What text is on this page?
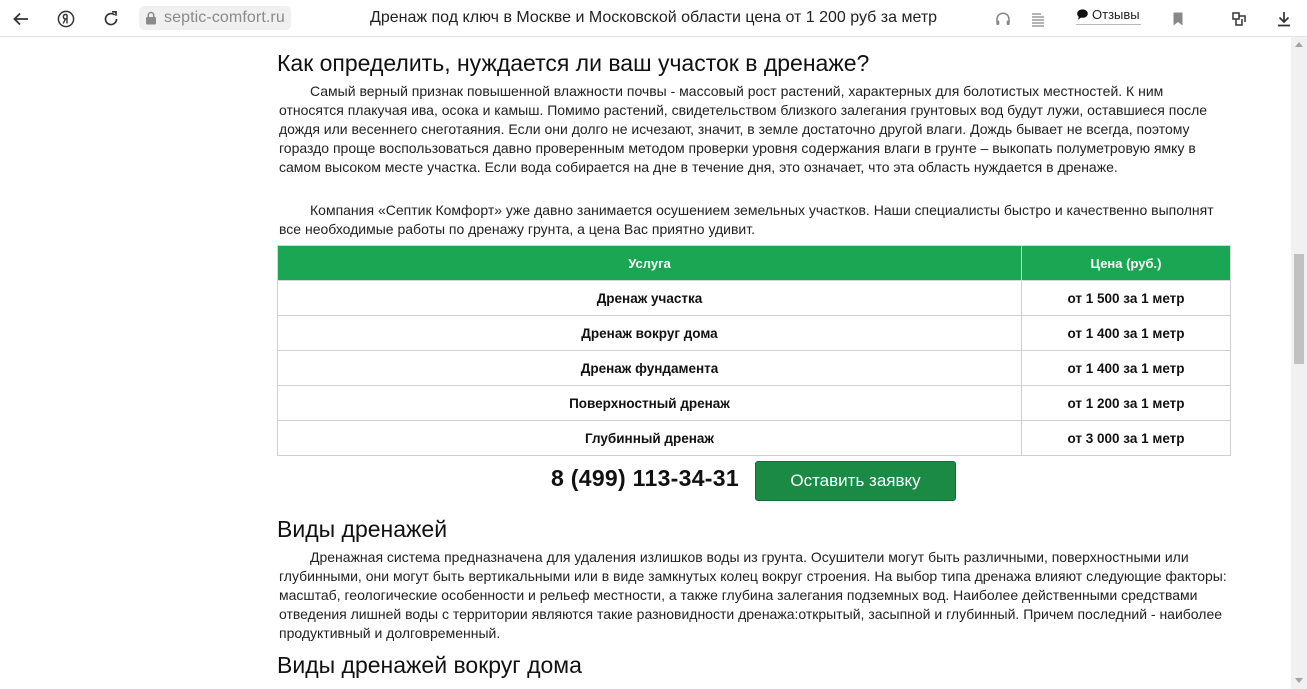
septic-comfort.ru	Дренаж под ключ в Москве и Московской области цена от 1 200 руб за метр	Отзывы
Как определить, нуждается ли ваш участок в дренаже?

Самый верный признак повышенной влажности почвы - массовый рост растений, характерных для болотистых местностей. К ним относятся плакучая ива, осока и камыш. Помимо растений, свидетельством близкого залегания грунтовых вод будут лужи, оставшиеся после дождя или весеннего снеготаяния. Если они долго не исчезают, значит, в земле достаточно другой влаги. Дождь бывает не всегда, поэтому гораздо проще воспользоваться давно проверенным методом проверки уровня содержания влаги в грунте – выкопать полуметровую ямку в самом высоком месте участка. Если вода собирается на дне в течение дня, это означает, что эта область нуждается в дренаже.

Компания «Септик Комфорт» уже давно занимается осушением земельных участков. Наши специалисты быстро и качественно выполнят все необходимые работы по дренажу грунта, а цена Вас приятно удивит.

Услуга	Цена (руб.)
Дренаж участка	от 1 500 за 1 метр
Дренаж вокруг дома	от 1 400 за 1 метр
Дренаж фундамента	от 1 400 за 1 метр
Поверхностный дренаж	от 1 200 за 1 метр
Глубинный дренаж	от 3 000 за 1 метр
8 (499) 113-34-31	Оставить заявку
Виды дренажей

Дренажная система предназначена для удаления излишков воды из грунта. Осушители могут быть различными, поверхностными или глубинными, они могут быть вертикальными или в виде замкнутых колец вокруг строения. На выбор типа дренажа влияют следующие факторы: масштаб, геологические особенности и рельеф местности, а также глубина залегания подземных вод. Наиболее действенными средствами отведения лишней воды с территории являются такие разновидности дренажа:открытый, засыпной и глубинный. Причем последний - наиболее продуктивный и долговременный.

Виды дренажей вокруг дома
